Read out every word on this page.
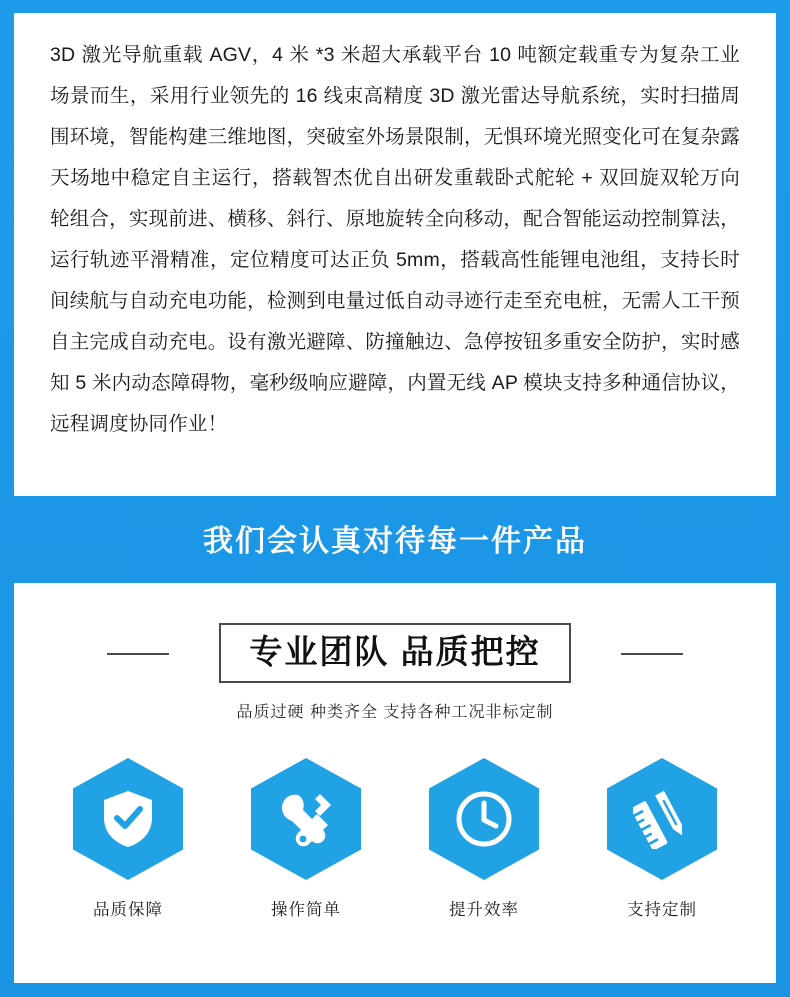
3D 激光导航重载 AGV，4 米 *3 米超大承载平台 10 吨额定载重专为复杂工业场景而生，采用行业领先的 16 线束高精度 3D 激光雷达导航系统，实时扫描周围环境，智能构建三维地图，突破室外场景限制，无惧环境光照变化可在复杂露天场地中稳定自主运行，搭载智杰优自出研发重载卧式舵轮 + 双回旋双轮万向轮组合，实现前进、横移、斜行、原地旋转全向移动，配合智能运动控制算法，运行轨迹平滑精准，定位精度可达正负 5mm，搭载高性能锂电池组，支持长时间续航与自动充电功能，检测到电量过低自动寻迹行走至充电桩，无需人工干预自主完成自动充电。设有激光避障、防撞触边、急停按钮多重安全防护，实时感知 5 米内动态障碍物，毫秒级响应避障，内置无线 AP 模块支持多种通信协议，远程调度协同作业！

我们会认真对待每一件产品
专业团队 品质把控
品质过硬 种类齐全 支持各种工况非标定制
品质保障	操作简单	提升效率	支持定制
